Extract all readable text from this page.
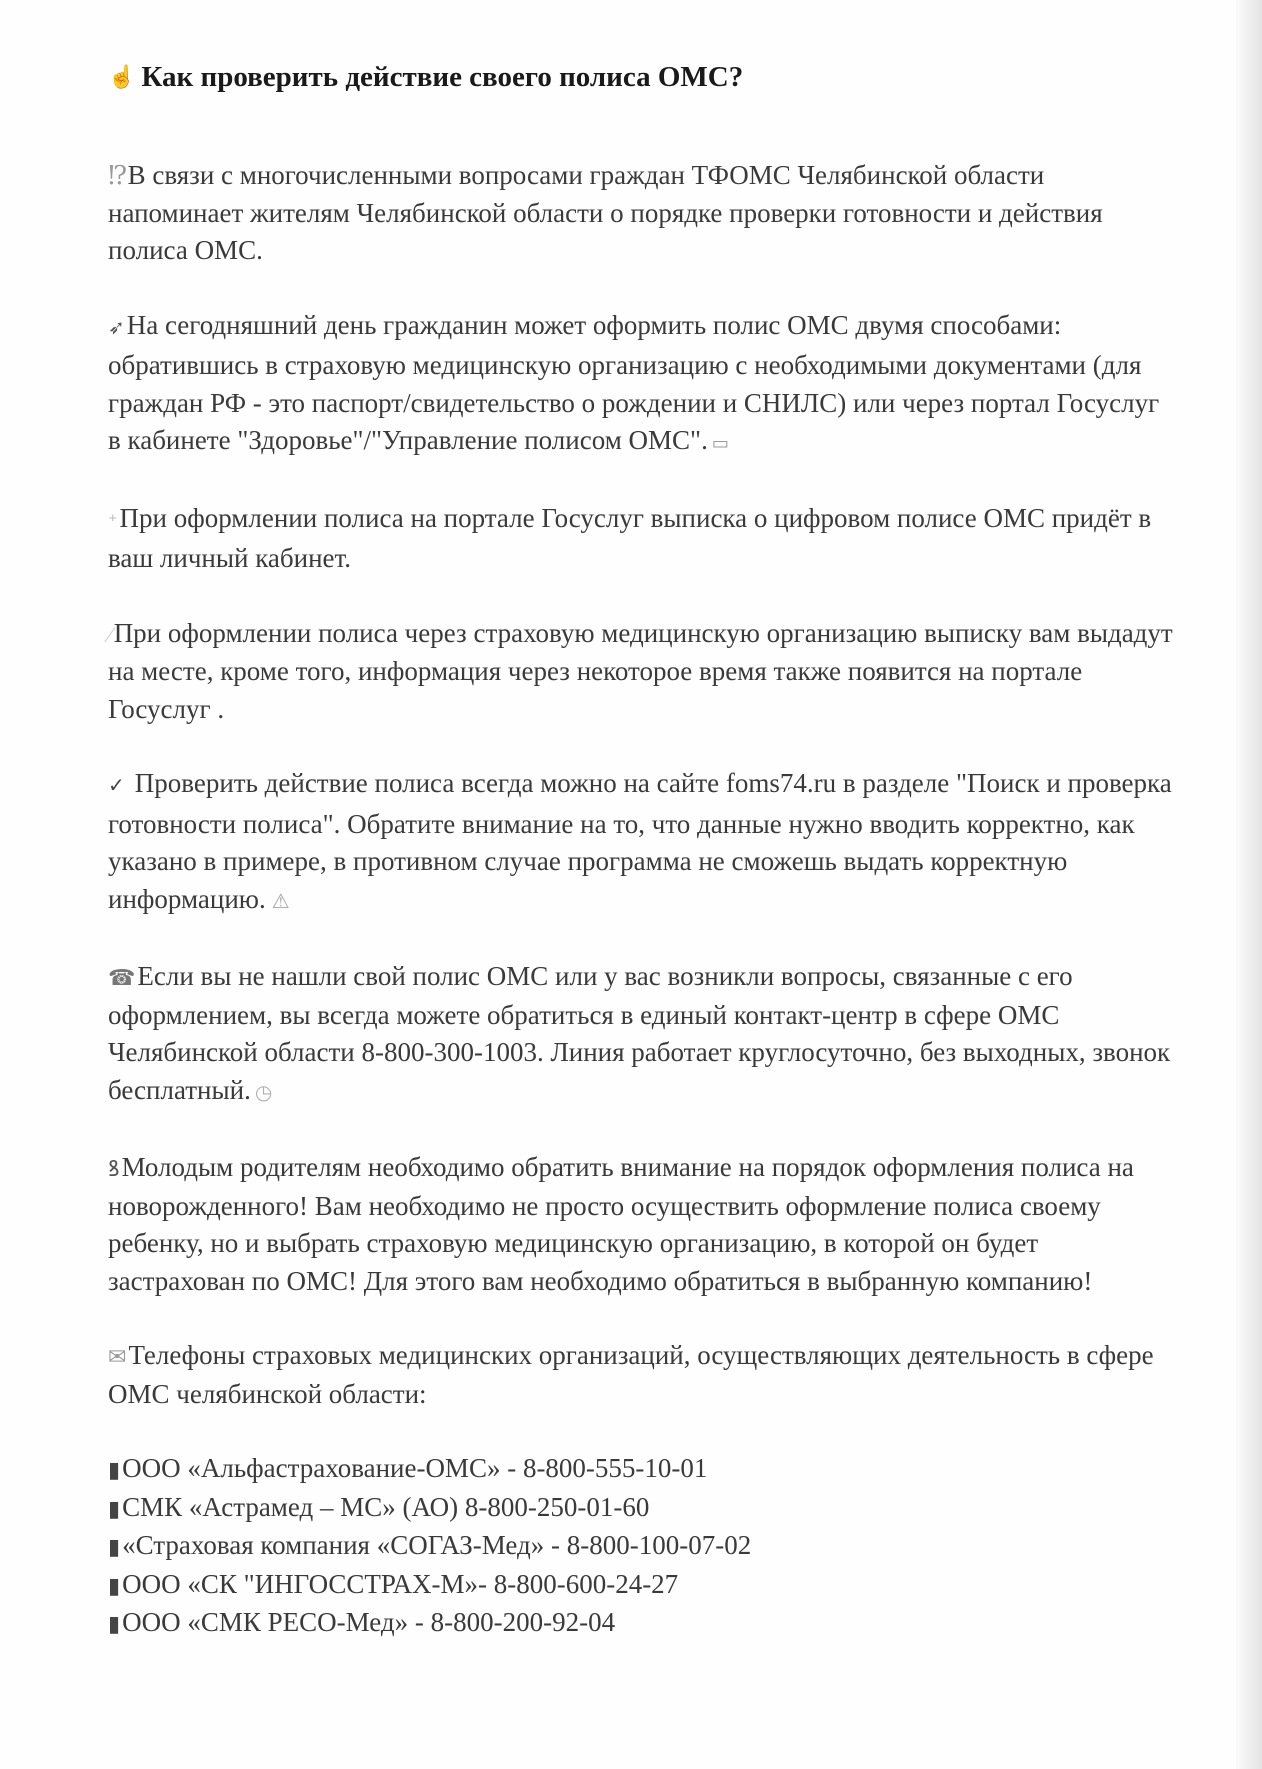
☝ Как проверить действие своего полиса ОМС?

⁉В связи с многочисленными вопросами граждан ТФОМС Челябинской области напоминает жителям Челябинской области о порядке проверки готовности и действия полиса ОМС.

➶На сегодняшний день гражданин может оформить полис ОМС двумя способами: обратившись в страховую медицинскую организацию с необходимыми документами (для граждан РФ - это паспорт/свидетельство о рождении и СНИЛС) или через портал Госуслуг в кабинете "Здоровье"/"Управление полисом ОМС". ▭

⁺При оформлении полиса на портале Госуслуг выписка о цифровом полисе ОМС придёт в ваш личный кабинет.

⁄При оформлении полиса через страховую медицинскую организацию выписку вам выдадут на месте, кроме того, информация через некоторое время также появится на портале Госуслуг .

✓ Проверить действие полиса всегда можно на сайте foms74.ru в разделе "Поиск и проверка готовности полиса". Обратите внимание на то, что данные нужно вводить корректно, как указано в примере, в противном случае программа не сможешь выдать корректную информацию. ⚠

☎Если вы не нашли свой полис ОМС или у вас возникли вопросы, связанные с его оформлением, вы всегда можете обратиться в единый контакт-центр в сфере ОМС Челябинской области 8-800-300-1003. Линия работает круглосуточно, без выходных, звонок бесплатный. ◷

ꝸМолодым родителям необходимо обратить внимание на порядок оформления полиса на новорожденного! Вам необходимо не просто осуществить оформление полиса своему ребенку, но и выбрать страховую медицинскую организацию, в которой он будет застрахован по ОМС! Для этого вам необходимо обратиться в выбранную компанию!

✉Телефоны страховых медицинских организаций, осуществляющих деятельность в сфере ОМС челябинской области:

▮ООО «Альфастрахование-ОМС» - 8-800-555-10-01
▮СМК «Астрамед – МС» (АО) 8-800-250-01-60
▮«Страховая компания «СОГАЗ-Мед» - 8-800-100-07-02
▮ООО «СК "ИНГОССТРАХ-М»- 8-800-600-24-27
▮ООО «СМК РЕСО-Мед» - 8-800-200-92-04
